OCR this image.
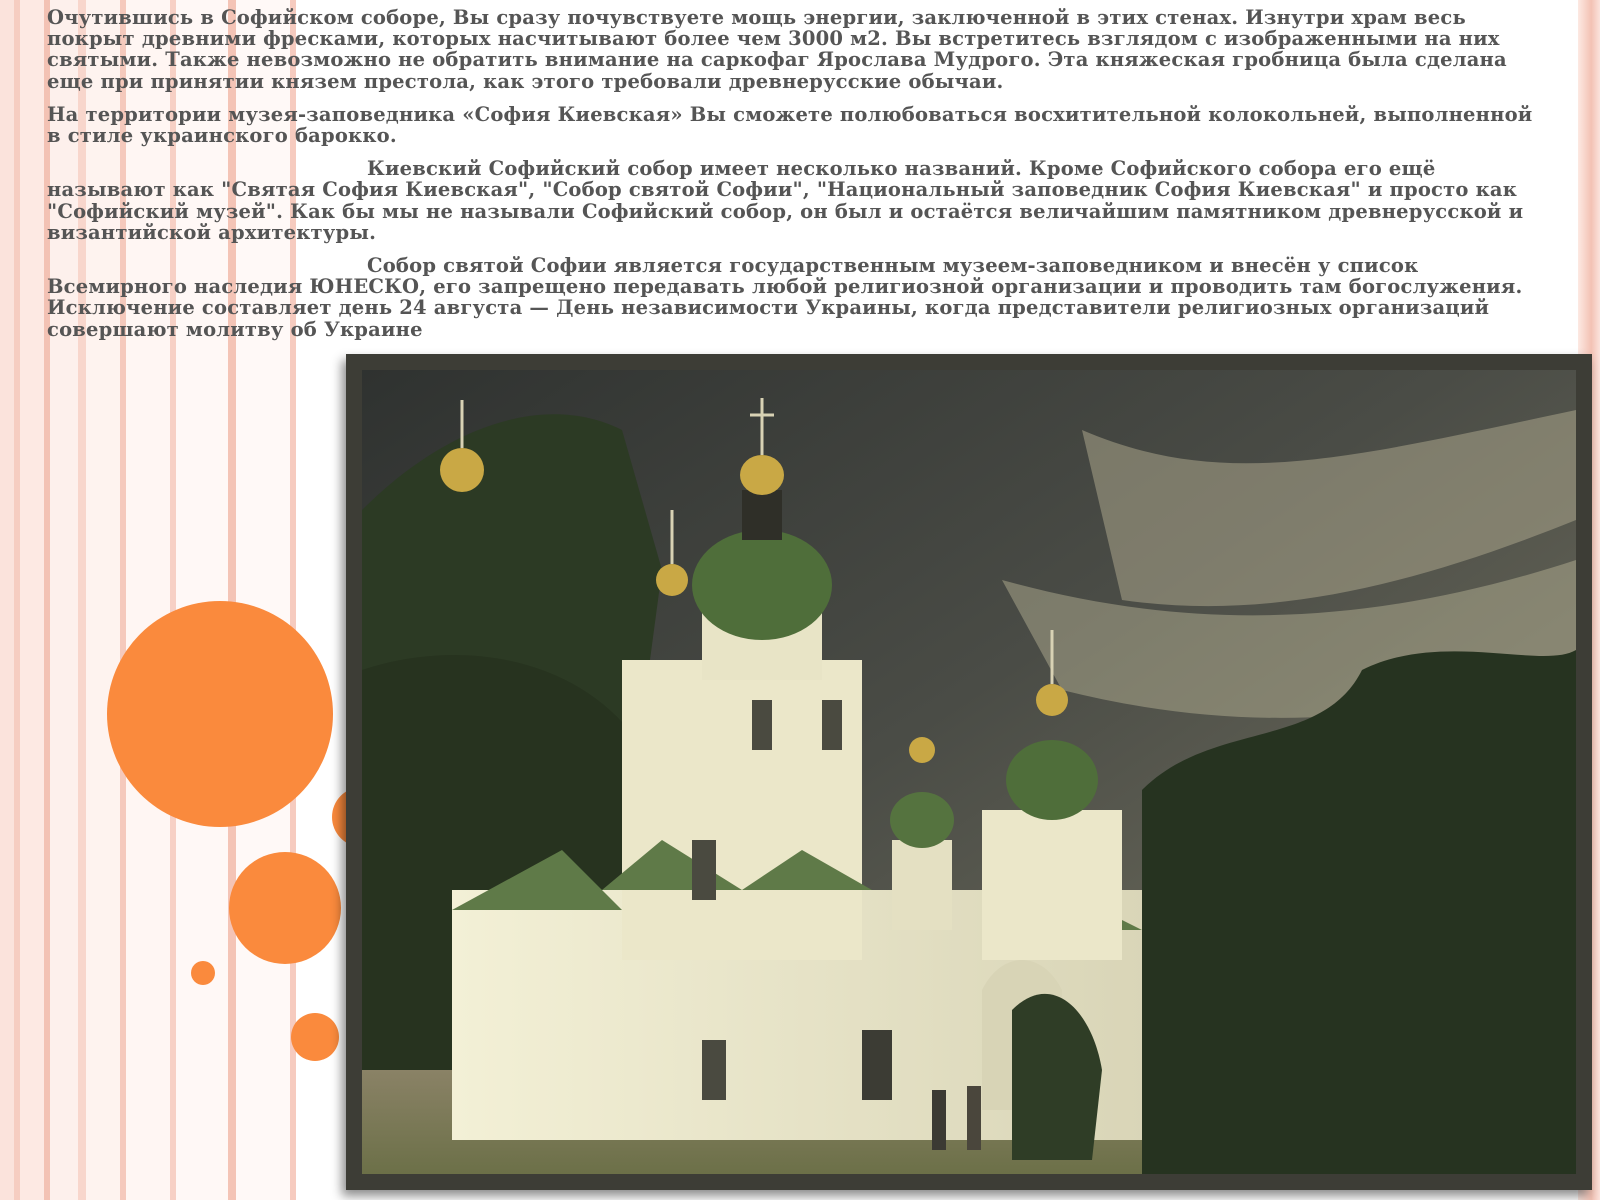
Очутившись в Софийском соборе, Вы сразу почувствуете мощь энергии, заключенной в этих стенах. Изнутри храм весь покрыт древними фресками, которых насчитывают более чем 3000 м2. Вы встретитесь взглядом с изображенными на них святыми. Также невозможно не обратить внимание на саркофаг Ярослава Мудрого. Эта княжеская гробница была сделана еще при принятии князем престола, как этого требовали древнерусские обычаи.

На территории музея-заповедника «София Киевская» Вы сможете полюбоваться восхитительной колокольней, выполненной в стиле украинского барокко.

Киевский Софийский собор имеет несколько названий. Кроме Софийского собора его ещё называют как "Святая София Киевская", "Собор святой Софии", "Национальный заповедник София Киевская" и просто как "Софийский музей". Как бы мы не называли Софийский собор, он был и остаётся величайшим памятником древнерусской и византийской архитектуры.

Собор святой Софии является государственным музеем-заповедником и внесён у список Всемирного наследия ЮНЕСКО, его запрещено передавать любой религиозной организации и проводить там богослужения. Исключение составляет день 24 августа — День независимости Украины, когда представители религиозных организаций совершают молитву об Украине
